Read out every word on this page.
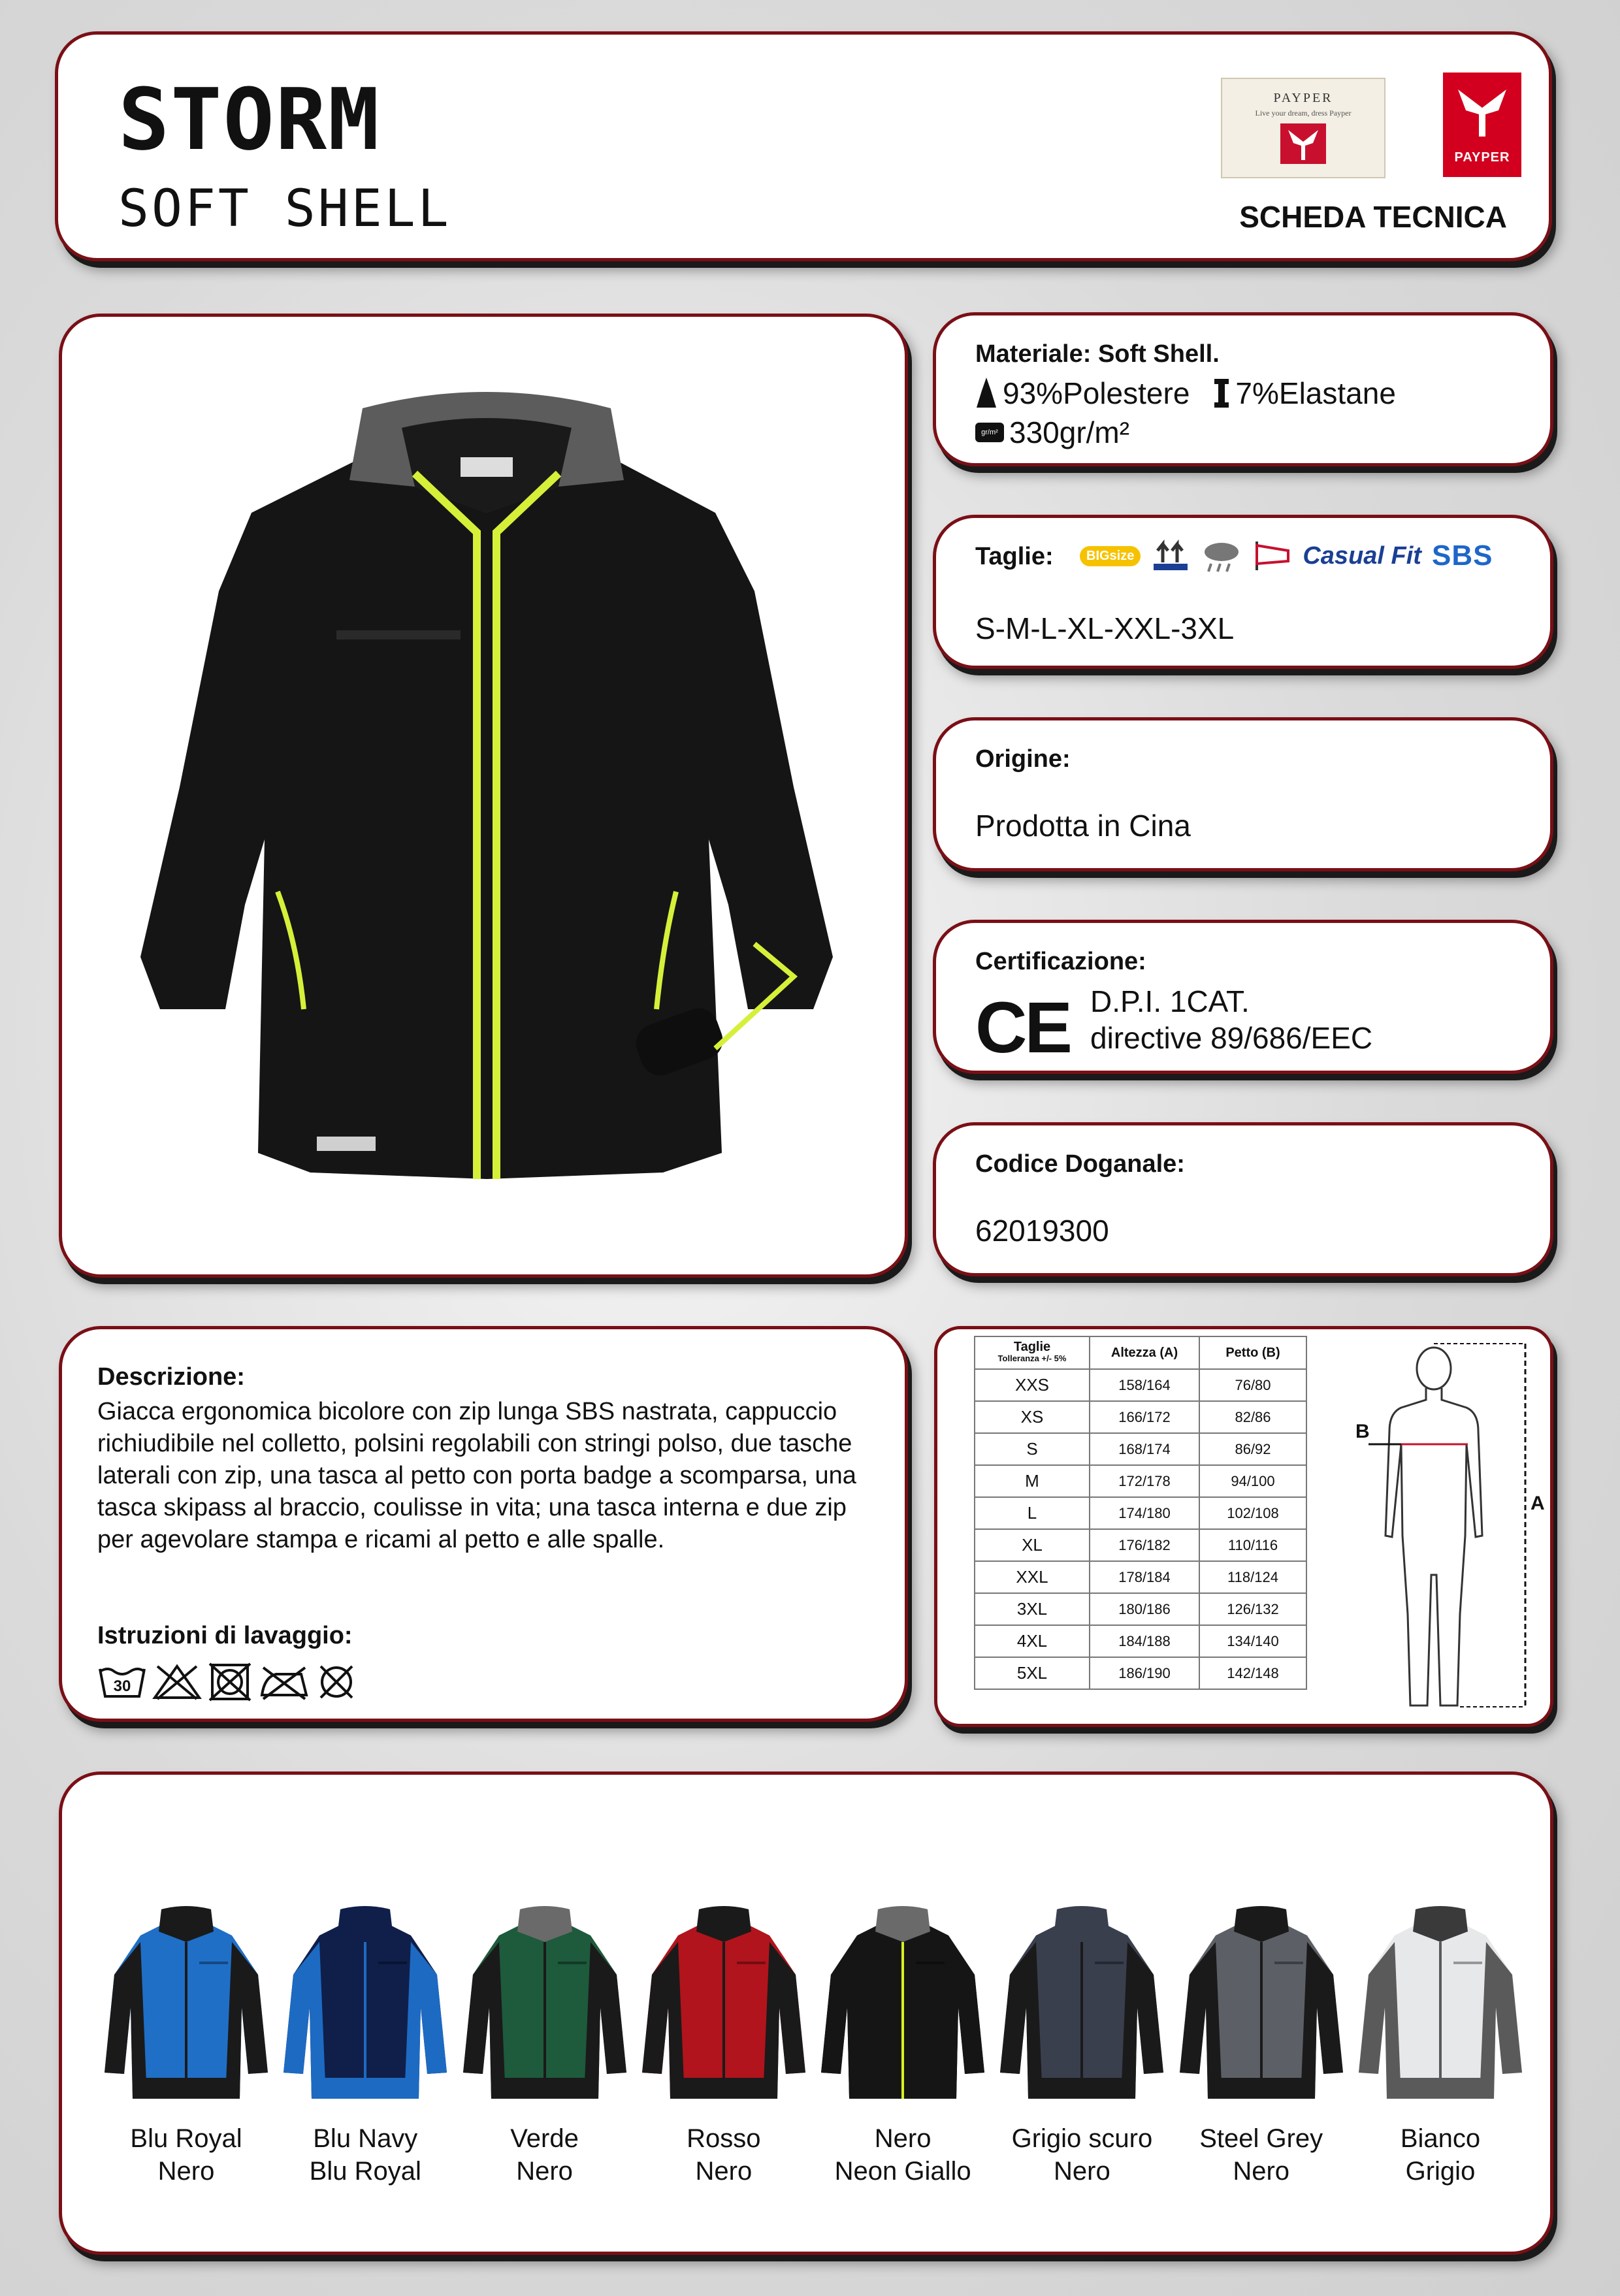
STORM
SOFT SHELL
PAYPER
Live your dream, dress Payper
PAYPER
SCHEDA TECNICA
Materiale: Soft Shell.
93%Polestere 7%Elastane
gr/m² 330gr/m²
Taglie:	BIGsize	Casual Fit SBS
S-M-L-XL-XXL-3XL
Origine:
Prodotta in Cina
Certificazione:
CE D.P.I. 1CAT.
directive 89/686/EEC
Codice Doganale:
62019300
Descrizione:
Giacca ergonomica bicolore con zip lunga SBS nastrata, cappuccio richiudibile nel colletto, polsini regolabili con stringi polso, due tasche laterali con zip, una tasca al petto con porta badge a scomparsa, una tasca skipass al braccio, coulisse in vita; una tasca interna e due zip per agevolare stampa e ricami al petto e alle spalle.
Istruzioni di lavaggio:
30
Taglie
Tolleranza +/- 5%	Altezza (A)	Petto (B)
XXS	158/164	76/80
XS	166/172	82/86
S	168/174	86/92
M	172/178	94/100
L	174/180	102/108
XL	176/182	110/116
XXL	178/184	118/124
3XL	180/186	126/132
4XL	184/188	134/140
5XL	186/190	142/148
B
A
Blu Royal
Nero
Blu Navy
Blu Royal
Verde
Nero
Rosso
Nero
Nero
Neon Giallo
Grigio scuro
Nero
Steel Grey
Nero
Bianco
Grigio
